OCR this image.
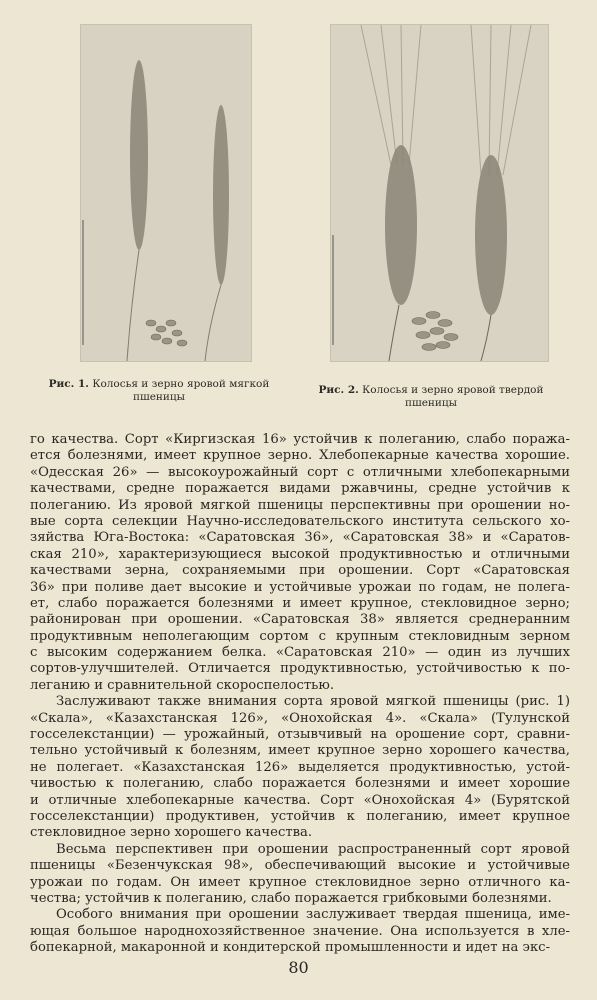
Рис. 1. Колосья и зерно яровой мягкой пшеницы
Рис. 2. Колосья и зерно яровой твердой пшеницы
го качества. Сорт «Киргизская 16» устойчив к полеганию, слабо поража-
ется болезнями, имеет крупное зерно. Хлебопекарные качества хорошие.
«Одесская 26» — высокоурожайный сорт с отличными хлебопекарными
качествами, средне поражается видами ржавчины, средне устойчив к
полеганию. Из яровой мягкой пшеницы перспективны при орошении но-
вые сорта селекции Научно-исследовательского института сельского хо-
зяйства Юга-Востока: «Саратовская 36», «Саратовская 38» и «Саратов-
ская 210», характеризующиеся высокой продуктивностью и отличными
качествами зерна, сохраняемыми при орошении. Сорт «Саратовская
36» при поливе дает высокие и устойчивые урожаи по годам, не полега-
ет, слабо поражается болезнями и имеет крупное, стекловидное зерно;
районирован при орошении. «Саратовская 38» является среднеранним
продуктивным неполегающим сортом с крупным стекловидным зерном
с высоким содержанием белка. «Саратовская 210» — один из лучших
сортов-улучшителей. Отличается продуктивностью, устойчивостью к по-
леганию и сравнительной скороспелостью.
Заслуживают также внимания сорта яровой мягкой пшеницы (рис. 1)
«Скала», «Казахстанская 126», «Онохойская 4». «Скала» (Тулунской
госселекстанции) — урожайный, отзывчивый на орошение сорт, сравни-
тельно устойчивый к болезням, имеет крупное зерно хорошего качества,
не полегает. «Казахстанская 126» выделяется продуктивностью, устой-
чивостью к полеганию, слабо поражается болезнями и имеет хорошие
и отличные хлебопекарные качества. Сорт «Онохойская 4» (Бурятской
госселекстанции) продуктивен, устойчив к полеганию, имеет крупное
стекловидное зерно хорошего качества.
Весьма перспективен при орошении распространенный сорт яровой
пшеницы «Безенчукская 98», обеспечивающий высокие и устойчивые
урожаи по годам. Он имеет крупное стекловидное зерно отличного ка-
чества; устойчив к полеганию, слабо поражается грибковыми болезнями.
Особого внимания при орошении заслуживает твердая пшеница, име-
ющая большое народнохозяйственное значение. Она используется в хле-
бопекарной, макаронной и кондитерской промышленности и идет на экс-
80
